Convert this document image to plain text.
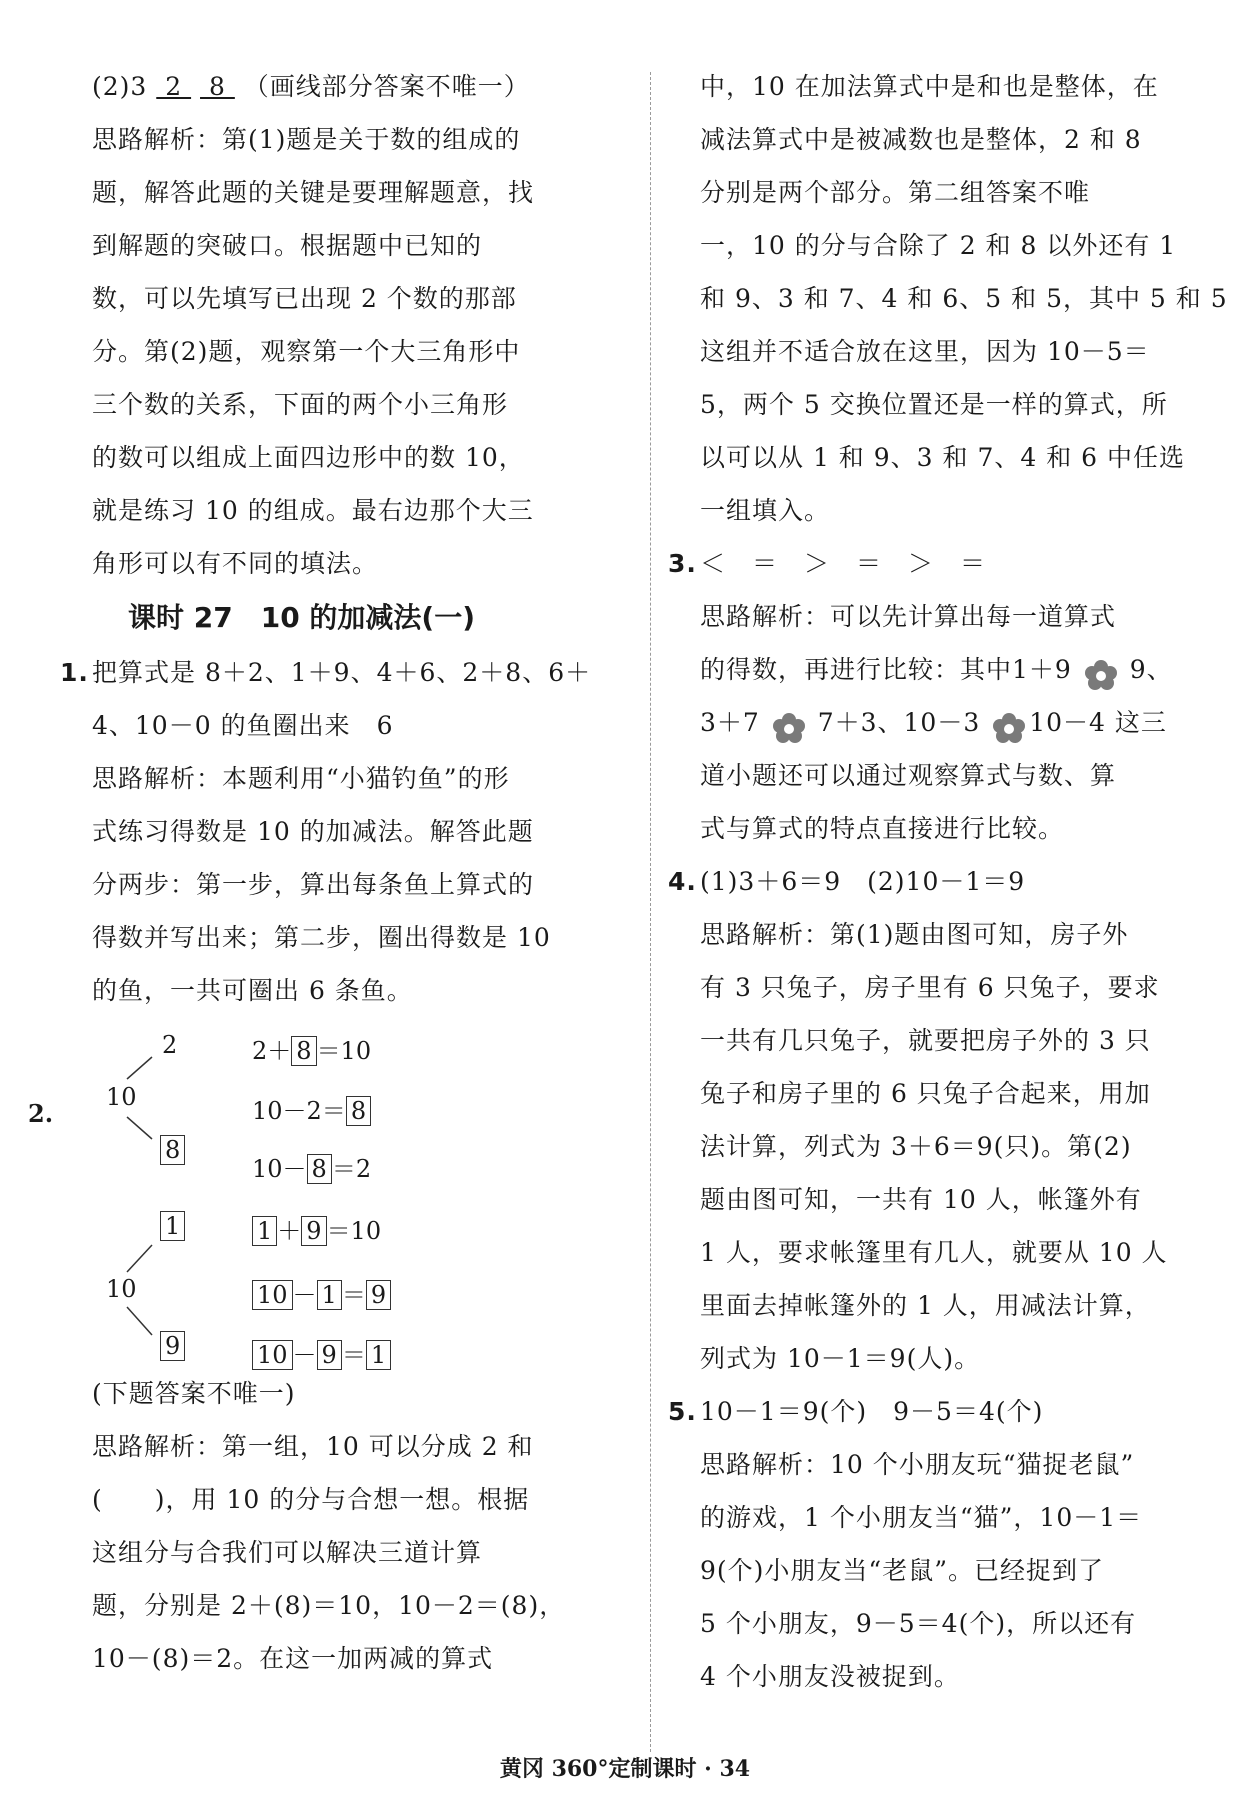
(2)3  2   8  （画线部分答案不唯一）
思路解析：第(1)题是关于数的组成的
题，解答此题的关键是要理解题意，找
到解题的突破口。根据题中已知的
数，可以先填写已出现 2 个数的那部
分。第(2)题，观察第一个大三角形中
三个数的关系，下面的两个小三角形
的数可以组成上面四边形中的数 10，
就是练习 10 的组成。最右边那个大三
角形可以有不同的填法。
课时 27　10 的加减法(一)
1. 把算式是 8＋2、1＋9、4＋6、2＋8、6＋
4、10－0 的鱼圈出来　6
思路解析：本题利用“小猫钓鱼”的形
式练习得数是 10 的加减法。解答此题
分两步：第一步，算出每条鱼上算式的
得数并写出来；第二步，圈出得数是 10
的鱼，一共可圈出 6 条鱼。
2.
2
10
8
2＋ 8 ＝10
10－2＝ 8
10－ 8 ＝2
1
10
9
1 ＋ 9 ＝10
10 － 1 ＝ 9
10 － 9 ＝ 1
(下题答案不唯一)
思路解析：第一组，10 可以分成 2 和
(　　)，用 10 的分与合想一想。根据
这组分与合我们可以解决三道计算
题，分别是 2＋(8)＝10，10－2＝(8)，
10－(8)＝2。在这一加两减的算式
中，10 在加法算式中是和也是整体，在
减法算式中是被减数也是整体，2 和 8
分别是两个部分。第二组答案不唯
一，10 的分与合除了 2 和 8 以外还有 1
和 9、3 和 7、4 和 6、5 和 5，其中 5 和 5
这组并不适合放在这里，因为 10－5＝
5，两个 5 交换位置还是一样的算式，所
以可以从 1 和 9、3 和 7、4 和 6 中任选
一组填入。
3. ＜　＝　＞　＝　＞　＝
思路解析：可以先计算出每一道算式
的得数，再进行比较：其中1＋9 9、
3＋7 7＋3、10－3 10－4 这三
道小题还可以通过观察算式与数、算
式与算式的特点直接进行比较。
4. (1)3＋6＝9　(2)10－1＝9
思路解析：第(1)题由图可知，房子外
有 3 只兔子，房子里有 6 只兔子，要求
一共有几只兔子，就要把房子外的 3 只
兔子和房子里的 6 只兔子合起来，用加
法计算，列式为 3＋6＝9(只)。第(2)
题由图可知，一共有 10 人，帐篷外有
1 人，要求帐篷里有几人，就要从 10 人
里面去掉帐篷外的 1 人，用减法计算，
列式为 10－1＝9(人)。
5. 10－1＝9(个)　9－5＝4(个)
思路解析：10 个小朋友玩“猫捉老鼠”
的游戏，1 个小朋友当“猫”，10－1＝
9(个)小朋友当“老鼠”。已经捉到了
5 个小朋友，9－5＝4(个)，所以还有
4 个小朋友没被捉到。
黄冈 360°定制课时 · 34
